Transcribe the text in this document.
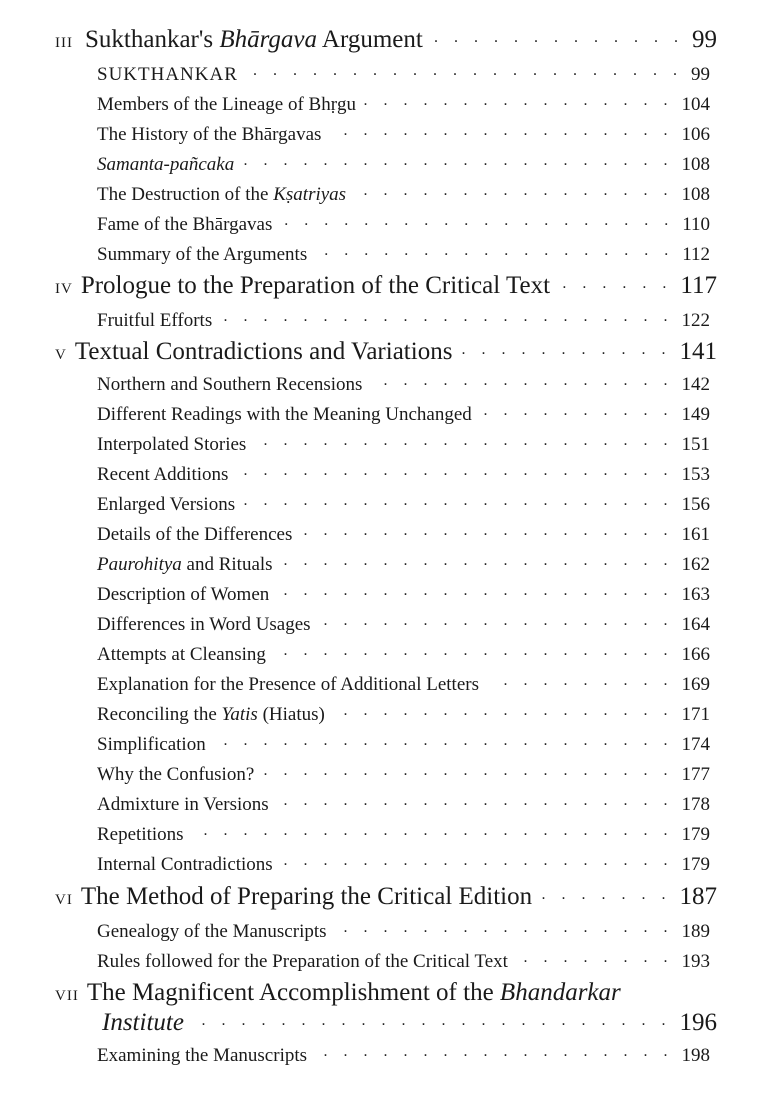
III Sukthankar's Bhārgava Argument . . .	99
SUKTHANKAR . . .	99
Members of the Lineage of Bhṛgu . . .	104
The History of the Bhārgavas . . .	106
Samanta-pañcaka . . .	108
The Destruction of the Kṣatriyas . . .	108
Fame of the Bhārgavas . . .	110
Summary of the Arguments . . .	112
IV Prologue to the Preparation of the Critical Text . . .	117
Fruitful Efforts . . .	122
V Textual Contradictions and Variations . . .	141
Northern and Southern Recensions . . .	142
Different Readings with the Meaning Unchanged . . .	149
Interpolated Stories . . .	151
Recent Additions . . .	153
Enlarged Versions . . .	156
Details of the Differences . . .	161
Paurohitya and Rituals . . .	162
Description of Women . . .	163
Differences in Word Usages . . .	164
Attempts at Cleansing . . .	166
Explanation for the Presence of Additional Letters . . .	169
Reconciling the Yatis (Hiatus) . . .	171
Simplification . . .	174
Why the Confusion? . . .	177
Admixture in Versions . . .	178
Repetitions . . .	179
Internal Contradictions . . .	179
VI The Method of Preparing the Critical Edition . . .	187
Genealogy of the Manuscripts . . .	189
Rules followed for the Preparation of the Critical Text . . .	193
VII The Magnificent Accomplishment of the Bhandarkar
Institute . . .	196
Examining the Manuscripts . . .	198
